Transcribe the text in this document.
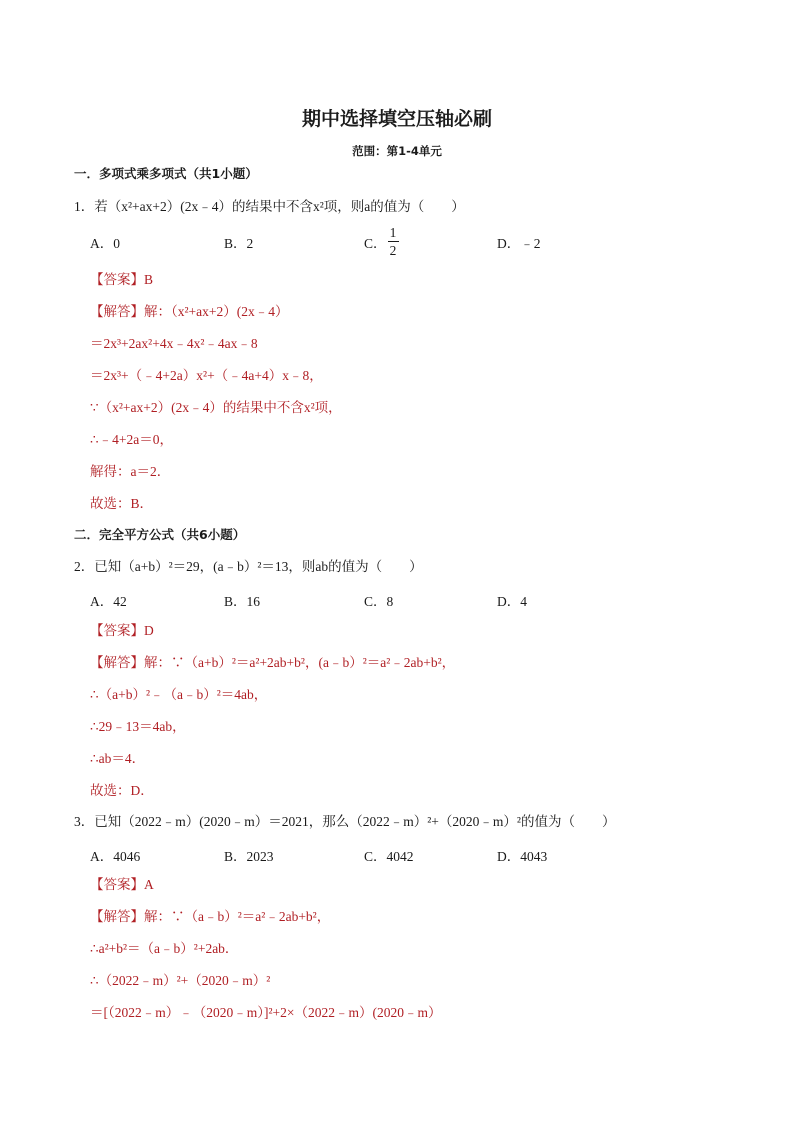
期中选择填空压轴必刷
范围：第1-4单元
一．多项式乘多项式（共1小题）
1．若（x²+ax+2）(2x﹣4）的结果中不含x²项，则a的值为（　　）
A．0	B．2	C．
1
2	D．﹣2
【答案】B
【解答】解：（x²+ax+2）(2x﹣4）
＝2x³+2ax²+4x﹣4x²﹣4ax﹣8
＝2x³+（﹣4+2a）x²+（﹣4a+4）x﹣8，
∵（x²+ax+2）(2x﹣4）的结果中不含x²项，
∴﹣4+2a＝0，
解得：a＝2．
故选：B．
二．完全平方公式（共6小题）
2．已知（a+b）²＝29，(a﹣b）²＝13，则ab的值为（　　）
A．42	B．16	C．8	D．4
【答案】D
【解答】解：∵（a+b）²＝a²+2ab+b²，(a﹣b）²＝a²﹣2ab+b²，
∴（a+b）²﹣（a﹣b）²＝4ab，
∴29﹣13＝4ab，
∴ab＝4．
故选：D．
3．已知（2022﹣m）(2020﹣m）＝2021，那么（2022﹣m）²+（2020﹣m）²的值为（　　）
A．4046	B．2023	C．4042	D．4043
【答案】A
【解答】解：∵（a﹣b）²＝a²﹣2ab+b²，
∴a²+b²＝（a﹣b）²+2ab．
∴（2022﹣m）²+（2020﹣m）²
＝[（2022﹣m）﹣（2020﹣m）]²+2×（2022﹣m）(2020﹣m）
